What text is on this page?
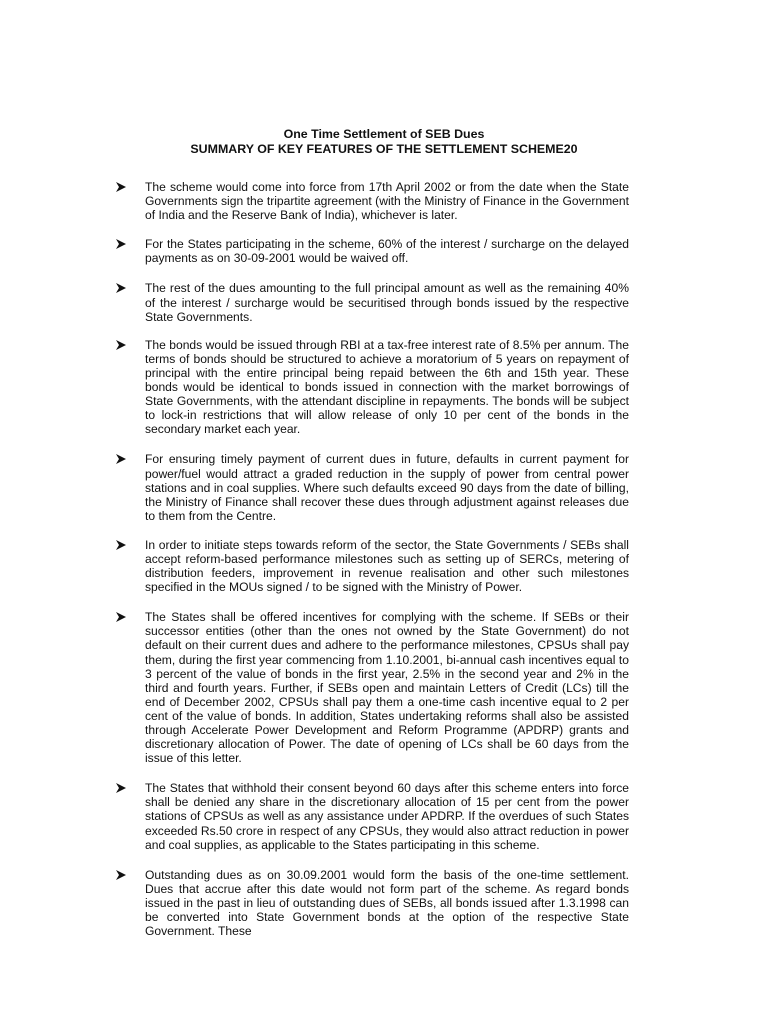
One Time Settlement of SEB Dues
SUMMARY OF KEY FEATURES OF THE SETTLEMENT SCHEME20
The scheme would come into force from 17th April 2002 or from the date when the State Governments sign the tripartite agreement (with the Ministry of Finance in the Government of India and the Reserve Bank of India), whichever is later.
For the States participating in the scheme, 60% of the interest / surcharge on the delayed payments as on 30-09-2001 would be waived off.
The rest of the dues amounting to the full principal amount as well as the remaining 40% of the interest / surcharge would be securitised through bonds issued by the respective State Governments.
The bonds would be issued through RBI at a tax-free interest rate of 8.5% per annum. The terms of bonds should be structured to achieve a moratorium of 5 years on repayment of principal with the entire principal being repaid between the 6th and 15th year. These bonds would be identical to bonds issued in connection with the market borrowings of State Governments, with the attendant discipline in repayments. The bonds will be subject to lock-in restrictions that will allow release of only 10 per cent of the bonds in the secondary market each year.
For ensuring timely payment of current dues in future, defaults in current payment for power/fuel would attract a graded reduction in the supply of power from central power stations and in coal supplies. Where such defaults exceed 90 days from the date of billing, the Ministry of Finance shall recover these dues through adjustment against releases due to them from the Centre.
In order to initiate steps towards reform of the sector, the State Governments / SEBs shall accept reform-based performance milestones such as setting up of SERCs, metering of distribution feeders, improvement in revenue realisation and other such milestones specified in the MOUs signed / to be signed with the Ministry of Power.
The States shall be offered incentives for complying with the scheme. If SEBs or their successor entities (other than the ones not owned by the State Government) do not default on their current dues and adhere to the performance milestones, CPSUs shall pay them, during the first year commencing from 1.10.2001, bi-annual cash incentives equal to 3 percent of the value of bonds in the first year, 2.5% in the second year and 2% in the third and fourth years. Further, if SEBs open and maintain Letters of Credit (LCs) till the end of December 2002, CPSUs shall pay them a one-time cash incentive equal to 2 per cent of the value of bonds. In addition, States undertaking reforms shall also be assisted through Accelerate Power Development and Reform Programme (APDRP) grants and discretionary allocation of Power. The date of opening of LCs shall be 60 days from the issue of this letter.
The States that withhold their consent beyond 60 days after this scheme enters into force shall be denied any share in the discretionary allocation of 15 per cent from the power stations of CPSUs as well as any assistance under APDRP. If the overdues of such States exceeded Rs.50 crore in respect of any CPSUs, they would also attract reduction in power and coal supplies, as applicable to the States participating in this scheme.
Outstanding dues as on 30.09.2001 would form the basis of the one-time settlement. Dues that accrue after this date would not form part of the scheme. As regard bonds issued in the past in lieu of outstanding dues of SEBs, all bonds issued after 1.3.1998 can be converted into State Government bonds at the option of the respective State Government. These
